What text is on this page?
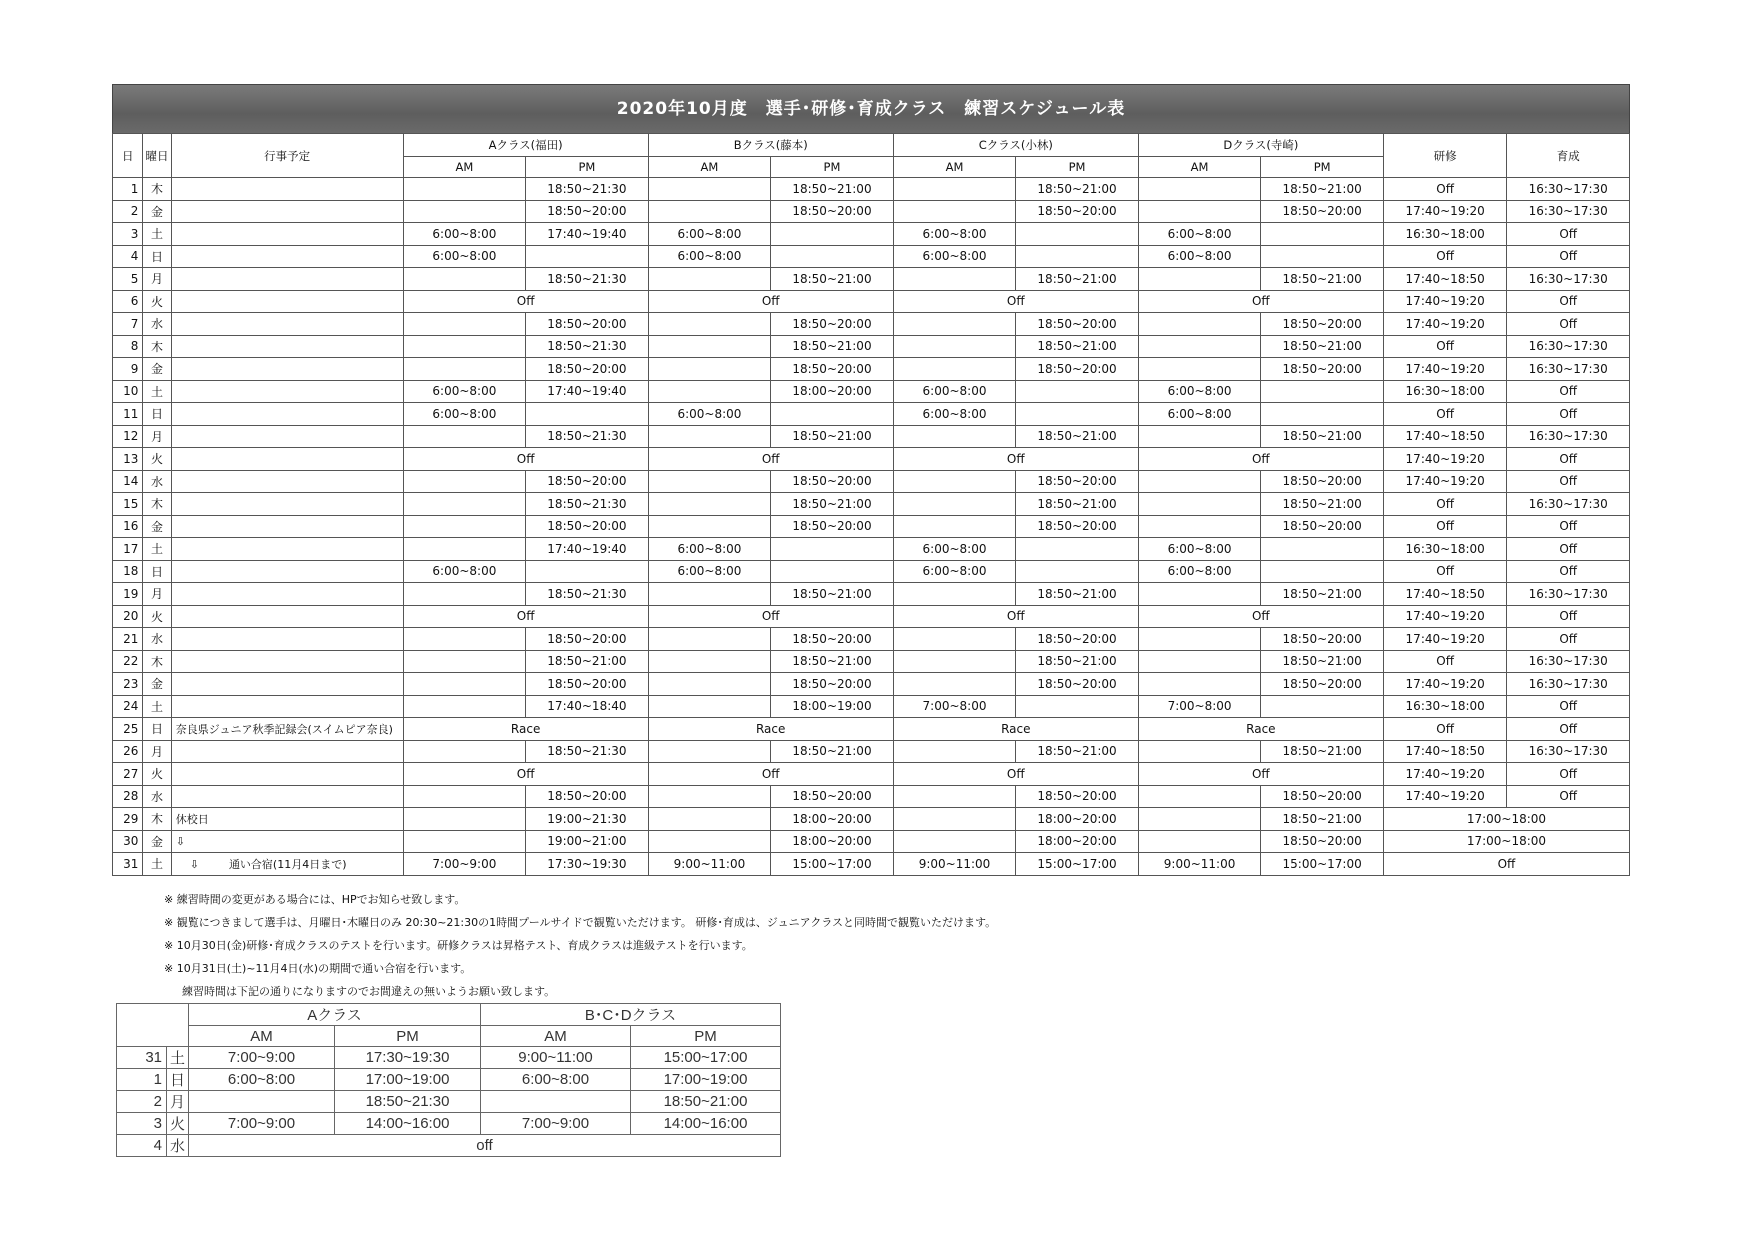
2020年10月度　選手･研修･育成クラス　練習スケジュール表
日	曜日	行事予定	Aクラス(福田)		Bクラス(藤本)		Cクラス(小林)		Dクラス(寺崎)		研修	育成
			AM	PM	AM	PM	AM	PM	AM	PM		
1	木			18:50~21:30		18:50~21:00		18:50~21:00		18:50~21:00	Off	16:30~17:30
2	金			18:50~20:00		18:50~20:00		18:50~20:00		18:50~20:00	17:40~19:20	16:30~17:30
3	土		6:00~8:00	17:40~19:40	6:00~8:00		6:00~8:00		6:00~8:00		16:30~18:00	Off
4	日		6:00~8:00		6:00~8:00		6:00~8:00		6:00~8:00		Off	Off
5	月			18:50~21:30		18:50~21:00		18:50~21:00		18:50~21:00	17:40~18:50	16:30~17:30
6	火		Off		Off		Off		Off		17:40~19:20	Off
7	水			18:50~20:00		18:50~20:00		18:50~20:00		18:50~20:00	17:40~19:20	Off
8	木			18:50~21:30		18:50~21:00		18:50~21:00		18:50~21:00	Off	16:30~17:30
9	金			18:50~20:00		18:50~20:00		18:50~20:00		18:50~20:00	17:40~19:20	16:30~17:30
10	土		6:00~8:00	17:40~19:40		18:00~20:00	6:00~8:00		6:00~8:00		16:30~18:00	Off
11	日		6:00~8:00		6:00~8:00		6:00~8:00		6:00~8:00		Off	Off
12	月			18:50~21:30		18:50~21:00		18:50~21:00		18:50~21:00	17:40~18:50	16:30~17:30
13	火		Off		Off		Off		Off		17:40~19:20	Off
14	水			18:50~20:00		18:50~20:00		18:50~20:00		18:50~20:00	17:40~19:20	Off
15	木			18:50~21:30		18:50~21:00		18:50~21:00		18:50~21:00	Off	16:30~17:30
16	金			18:50~20:00		18:50~20:00		18:50~20:00		18:50~20:00	Off	Off
17	土			17:40~19:40	6:00~8:00		6:00~8:00		6:00~8:00		16:30~18:00	Off
18	日		6:00~8:00		6:00~8:00		6:00~8:00		6:00~8:00		Off	Off
19	月			18:50~21:30		18:50~21:00		18:50~21:00		18:50~21:00	17:40~18:50	16:30~17:30
20	火		Off		Off		Off		Off		17:40~19:20	Off
21	水			18:50~20:00		18:50~20:00		18:50~20:00		18:50~20:00	17:40~19:20	Off
22	木			18:50~21:00		18:50~21:00		18:50~21:00		18:50~21:00	Off	16:30~17:30
23	金			18:50~20:00		18:50~20:00		18:50~20:00		18:50~20:00	17:40~19:20	16:30~17:30
24	土			17:40~18:40		18:00~19:00	7:00~8:00		7:00~8:00		16:30~18:00	Off
25	日	奈良県ジュニア秋季記録会(スイムピア奈良)	Race		Race		Race		Race		Off	Off
26	月			18:50~21:30		18:50~21:00		18:50~21:00		18:50~21:00	17:40~18:50	16:30~17:30
27	火		Off		Off		Off		Off		17:40~19:20	Off
28	水			18:50~20:00		18:50~20:00		18:50~20:00		18:50~20:00	17:40~19:20	Off
29	木	休校日		19:00~21:30		18:00~20:00		18:00~20:00		18:50~21:00	17:00~18:00	
30	金	⇩		19:00~21:00		18:00~20:00		18:00~20:00		18:50~20:00	17:00~18:00	
31	土	⇩ 通い合宿(11月4日まで)	7:00~9:00	17:30~19:30	9:00~11:00	15:00~17:00	9:00~11:00	15:00~17:00	9:00~11:00	15:00~17:00	Off	
※ 練習時間の変更がある場合には、HPでお知らせ致します。
※ 観覧につきまして選手は、月曜日･木曜日のみ 20:30~21:30の1時間プールサイドで観覧いただけます。 研修･育成は、ジュニアクラスと同時間で観覧いただけます。
※ 10月30日(金)研修･育成クラスのテストを行います。研修クラスは昇格テスト、育成クラスは進級テストを行います。
※ 10月31日(土)~11月4日(水)の期間で通い合宿を行います。
練習時間は下記の通りになりますのでお間違えの無いようお願い致します。
		Aクラス		B･C･Dクラス	
		AM	PM	AM	PM
31	土	7:00~9:00	17:30~19:30	9:00~11:00	15:00~17:00
1	日	6:00~8:00	17:00~19:00	6:00~8:00	17:00~19:00
2	月		18:50~21:30		18:50~21:00
3	火	7:00~9:00	14:00~16:00	7:00~9:00	14:00~16:00
4	水	off			
